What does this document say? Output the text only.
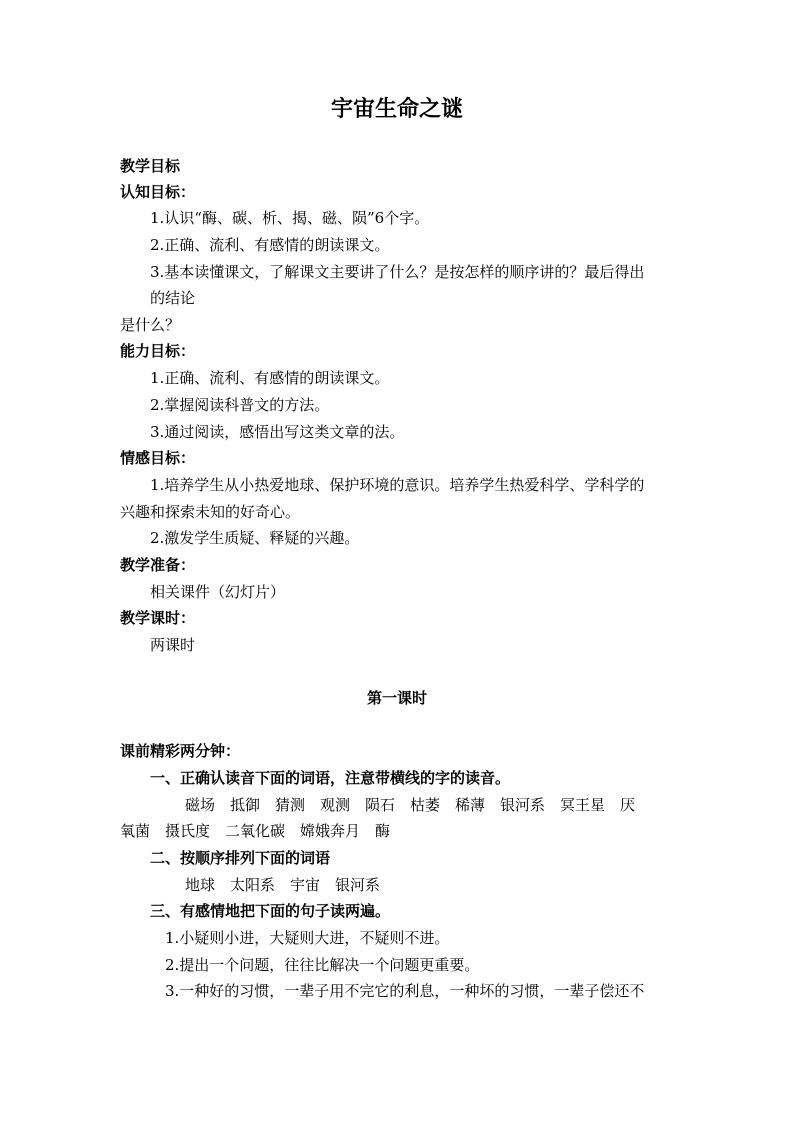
宇宙生命之谜
教学目标
认知目标：
1.认识“酶、碳、析、揭、磁、陨”6个字。
2.正确、流利、有感情的朗读课文。
3.基本读懂课文，了解课文主要讲了什么？是按怎样的顺序讲的？最后得出
的结论
是什么？
能力目标：
1.正确、流利、有感情的朗读课文。
2.掌握阅读科普文的方法。
3.通过阅读，感悟出写这类文章的法。
情感目标：
1.培养学生从小热爱地球、保护环境的意识。培养学生热爱科学、学科学的
兴趣和探索未知的好奇心。
2.激发学生质疑、释疑的兴趣。
教学准备：
相关课件（幻灯片）
教学课时：
两课时
第一课时
课前精彩两分钟：
一、正确认读音下面的词语，注意带横线的字的读音。
磁场　抵御　猜测　观测　陨石　枯萎　稀薄　银河系　冥王星　厌
氧菌　摄氏度　二氧化碳　嫦娥奔月　酶
二、按顺序排列下面的词语
地球　太阳系　宇宙　银河系
三、有感情地把下面的句子读两遍。
1.小疑则小进，大疑则大进，不疑则不进。
2.提出一个问题，往往比解决一个问题更重要。
3.一种好的习惯，一辈子用不完它的利息，一种坏的习惯，一辈子偿还不
